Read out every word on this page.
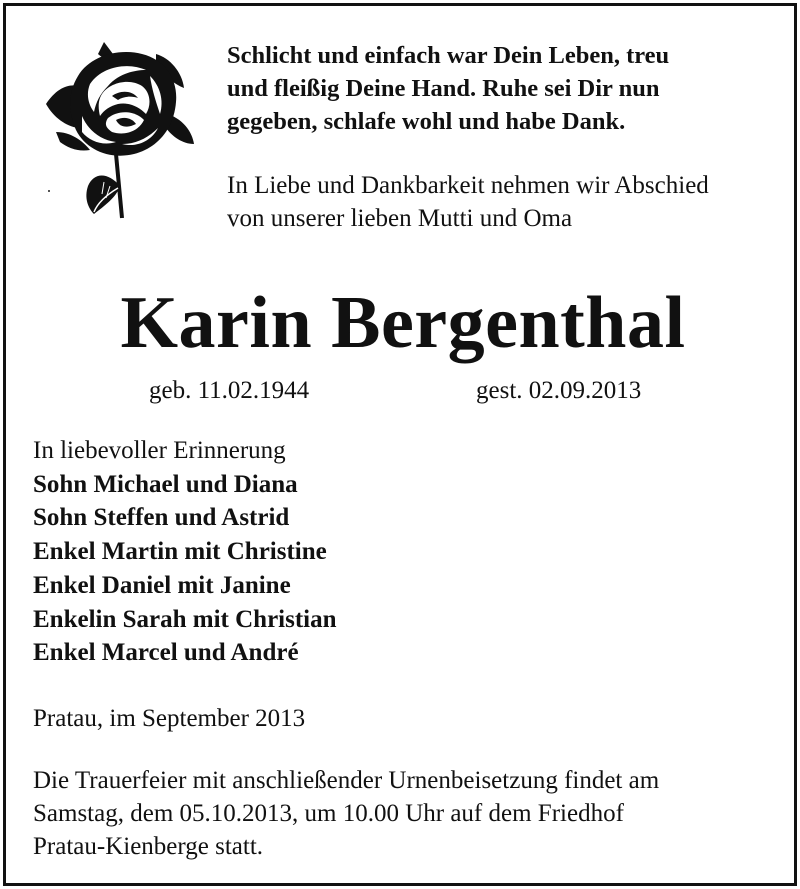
Schlicht und einfach war Dein Leben, treu
und fleißig Deine Hand. Ruhe sei Dir nun
gegeben, schlafe wohl und habe Dank.
In Liebe und Dankbarkeit nehmen wir Abschied
von unserer lieben Mutti und Oma
Karin Bergenthal
geb. 11.02.1944	gest. 02.09.2013
In liebevoller Erinnerung
Sohn Michael und Diana
Sohn Steffen und Astrid
Enkel Martin mit Christine
Enkel Daniel mit Janine
Enkelin Sarah mit Christian
Enkel Marcel und André
Pratau, im September 2013
Die Trauerfeier mit anschließender Urnenbeisetzung findet am
Samstag, dem 05.10.2013, um 10.00 Uhr auf dem Friedhof
Pratau-Kienberge statt.
